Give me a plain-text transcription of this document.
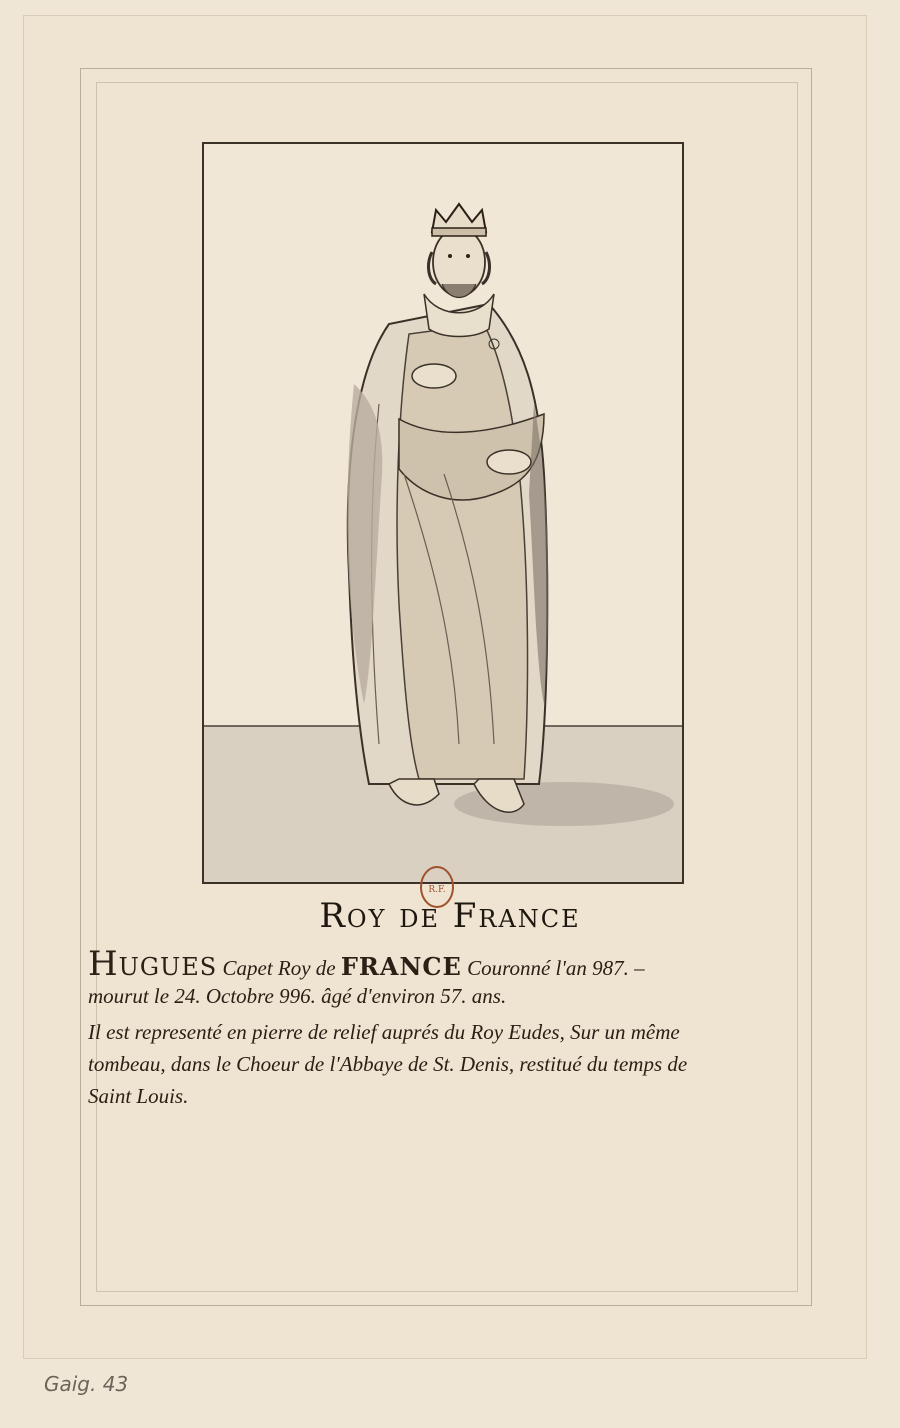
R.F.
Roy de France
Hugues Capet Roy de FRANCE Couronné l'an 987. –
mourut le 24. Octobre 996. âgé d'environ 57. ans.
Il est representé en pierre de relief auprés du Roy Eudes, Sur un même
tombeau, dans le Choeur de l'Abbaye de St. Denis, restitué du temps de
Saint Louis.
Gaig. 43
